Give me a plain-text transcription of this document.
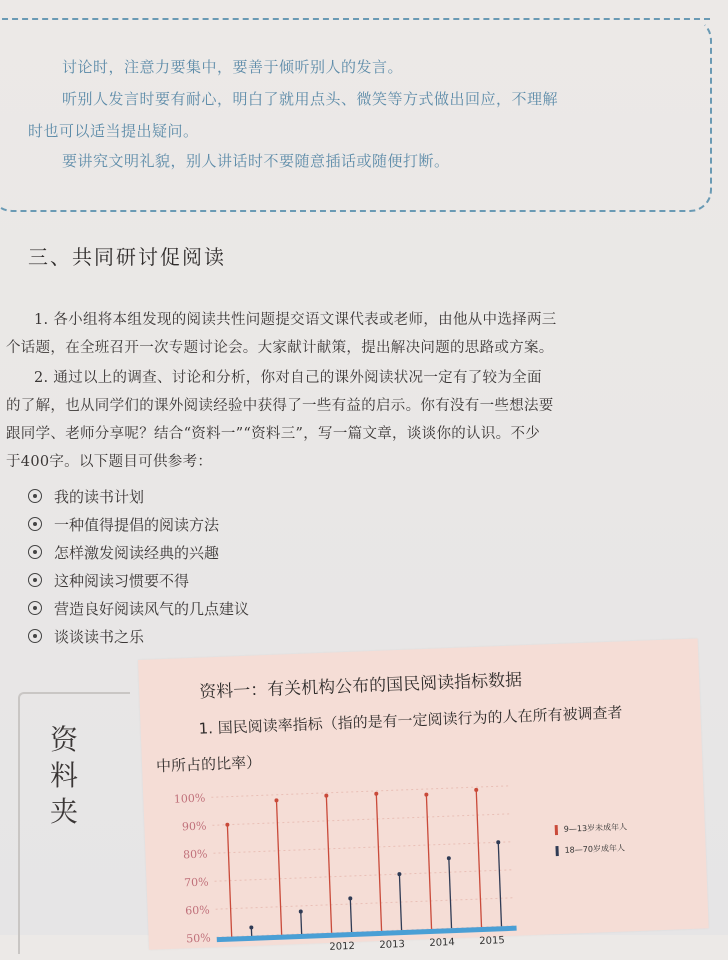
讨论时，注意力要集中，要善于倾听别人的发言。
听别人发言时要有耐心，明白了就用点头、微笑等方式做出回应，不理解
时也可以适当提出疑问。
要讲究文明礼貌，别人讲话时不要随意插话或随便打断。
三、共同研讨促阅读
1. 各小组将本组发现的阅读共性问题提交语文课代表或老师，由他从中选择两三
个话题，在全班召开一次专题讨论会。大家献计献策，提出解决问题的思路或方案。
2. 通过以上的调查、讨论和分析，你对自己的课外阅读状况一定有了较为全面
的了解，也从同学们的课外阅读经验中获得了一些有益的启示。你有没有一些想法要
跟同学、老师分享呢？结合“资料一”“资料三”，写一篇文章，谈谈你的认识。不少
于400字。以下题目可供参考：
我的读书计划
一种值得提倡的阅读方法
怎样激发阅读经典的兴趣
这种阅读习惯要不得
营造良好阅读风气的几点建议
谈谈读书之乐
资料夹
资料一：有关机构公布的国民阅读指标数据
1. 国民阅读率指标（指的是有一定阅读行为的人在所有被调查者
中所占的比率）
100%
90%
80%
70%
60%
50%
2012 2013 2014 2015
9—13岁未成年人
18—70岁成年人
